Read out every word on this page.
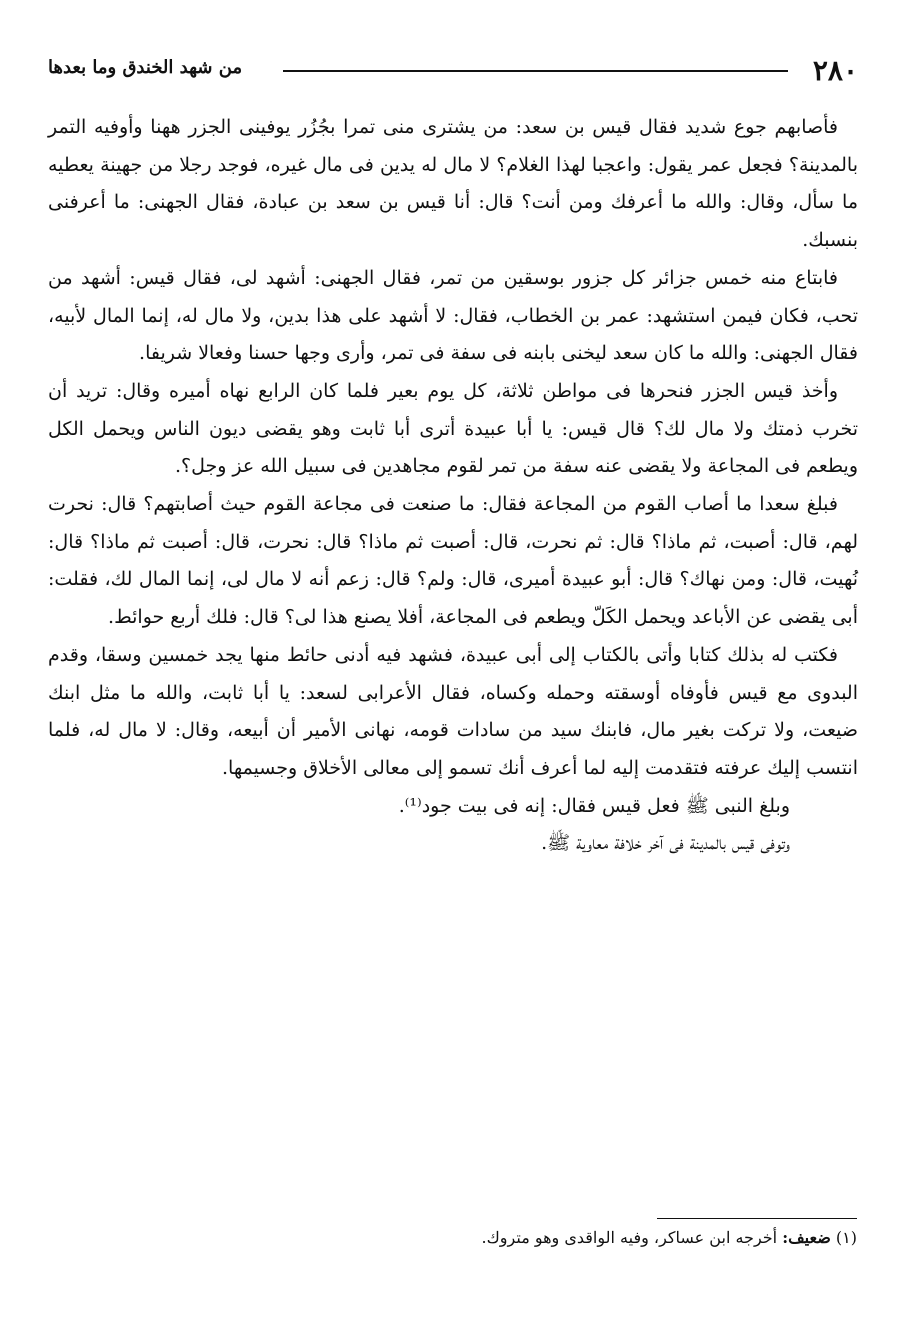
٢٨٠
من شهد الخندق وما بعدها

فأصابهم جوع شديد فقال قيس بن سعد: من يشترى منى تمرا بجُزُر يوفينى الجزر ههنا وأوفيه التمر بالمدينة؟ فجعل عمر يقول: واعجبا لهذا الغلام؟ لا مال له يدين فى مال غيره، فوجد رجلا من جهينة يعطيه ما سأل، وقال: والله ما أعرفك ومن أنت؟ قال: أنا قيس بن سعد بن عبادة، فقال الجهنى: ما أعرفنى بنسبك.

فابتاع منه خمس جزائر كل جزور بوسقين من تمر، فقال الجهنى: أشهد لى، فقال قيس: أشهد من تحب، فكان فيمن استشهد: عمر بن الخطاب، فقال: لا أشهد على هذا بدين، ولا مال له، إنما المال لأبيه، فقال الجهنى: والله ما كان سعد ليخنى بابنه فى سفة فى تمر، وأرى وجها حسنا وفعالا شريفا.

وأخذ قيس الجزر فنحرها فى مواطن ثلاثة، كل يوم بعير فلما كان الرابع نهاه أميره وقال: تريد أن تخرب ذمتك ولا مال لك؟ قال قيس: يا أبا عبيدة أترى أبا ثابت وهو يقضى ديون الناس ويحمل الكل ويطعم فى المجاعة ولا يقضى عنه سفة من تمر لقوم مجاهدين فى سبيل الله عز وجل؟.

فبلغ سعدا ما أصاب القوم من المجاعة فقال: ما صنعت فى مجاعة القوم حيث أصابتهم؟ قال: نحرت لهم، قال: أصبت، ثم ماذا؟ قال: ثم نحرت، قال: أصبت ثم ماذا؟ قال: نحرت، قال: أصبت ثم ماذا؟ قال: نُهيت، قال: ومن نهاك؟ قال: أبو عبيدة أميرى، قال: ولم؟ قال: زعم أنه لا مال لى، إنما المال لك، فقلت: أبى يقضى عن الأباعد ويحمل الكَلّ ويطعم فى المجاعة، أفلا يصنع هذا لى؟ قال: فلك أربع حوائط.

فكتب له بذلك كتابا وأتى بالكتاب إلى أبى عبيدة، فشهد فيه أدنى حائط منها يجد خمسين وسقا، وقدم البدوى مع قيس فأوفاه أوسقته وحمله وكساه، فقال الأعرابى لسعد: يا أبا ثابت، والله ما مثل ابنك ضيعت، ولا تركت بغير مال، فابنك سيد من سادات قومه، نهانى الأمير أن أبيعه، وقال: لا مال له، فلما انتسب إليك عرفته فتقدمت إليه لما أعرف أنك تسمو إلى معالى الأخلاق وجسيمها.

وبلغ النبى ﷺ فعل قيس فقال: إنه فى بيت جود⁽¹⁾.

وتوفى قيس بالمدينة فى آخر خلافة معاوية ﷺ.

(١) ضعيف: أخرجه ابن عساكر، وفيه الواقدى وهو متروك.
